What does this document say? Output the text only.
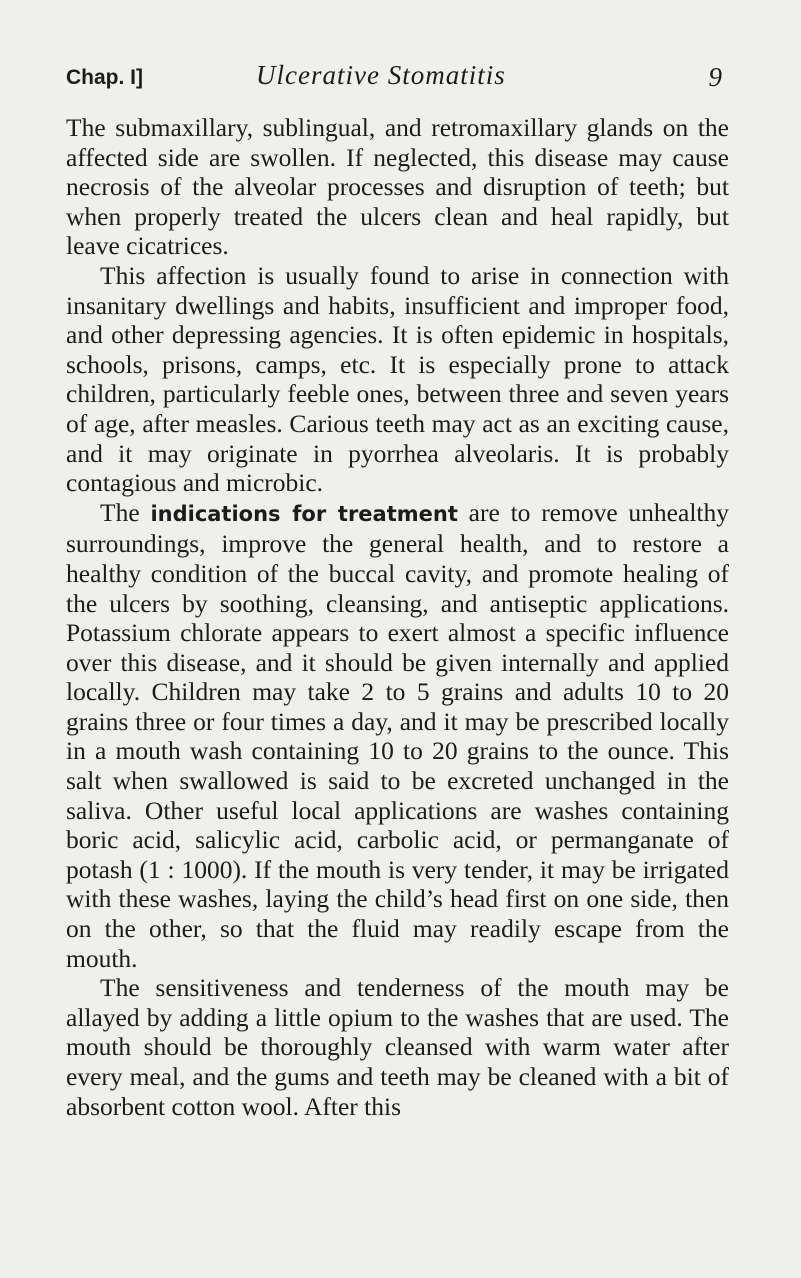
Chap. I]	Ulcerative Stomatitis	9

The submaxillary, sublingual, and retromaxillary glands on the affected side are swollen. If neglected, this disease may cause necrosis of the alveolar processes and disruption of teeth; but when properly treated the ulcers clean and heal rapidly, but leave cicatrices.

This affection is usually found to arise in connection with insanitary dwellings and habits, insufficient and improper food, and other depressing agencies. It is often epidemic in hospitals, schools, prisons, camps, etc. It is especially prone to attack children, particularly feeble ones, between three and seven years of age, after measles. Carious teeth may act as an exciting cause, and it may originate in pyorrhea alveolaris. It is probably contagious and microbic.

The indications for treatment are to remove unhealthy surroundings, improve the general health, and to restore a healthy condition of the buccal cavity, and promote healing of the ulcers by soothing, cleansing, and antiseptic applications. Potassium chlorate appears to exert almost a specific influence over this disease, and it should be given internally and applied locally. Children may take 2 to 5 grains and adults 10 to 20 grains three or four times a day, and it may be prescribed locally in a mouth wash containing 10 to 20 grains to the ounce. This salt when swallowed is said to be excreted unchanged in the saliva. Other useful local applications are washes containing boric acid, salicylic acid, carbolic acid, or permanganate of potash (1 : 1000). If the mouth is very tender, it may be irrigated with these washes, laying the child’s head first on one side, then on the other, so that the fluid may readily escape from the mouth.

The sensitiveness and tenderness of the mouth may be allayed by adding a little opium to the washes that are used. The mouth should be thoroughly cleansed with warm water after every meal, and the gums and teeth may be cleaned with a bit of absorbent cotton wool. After this
